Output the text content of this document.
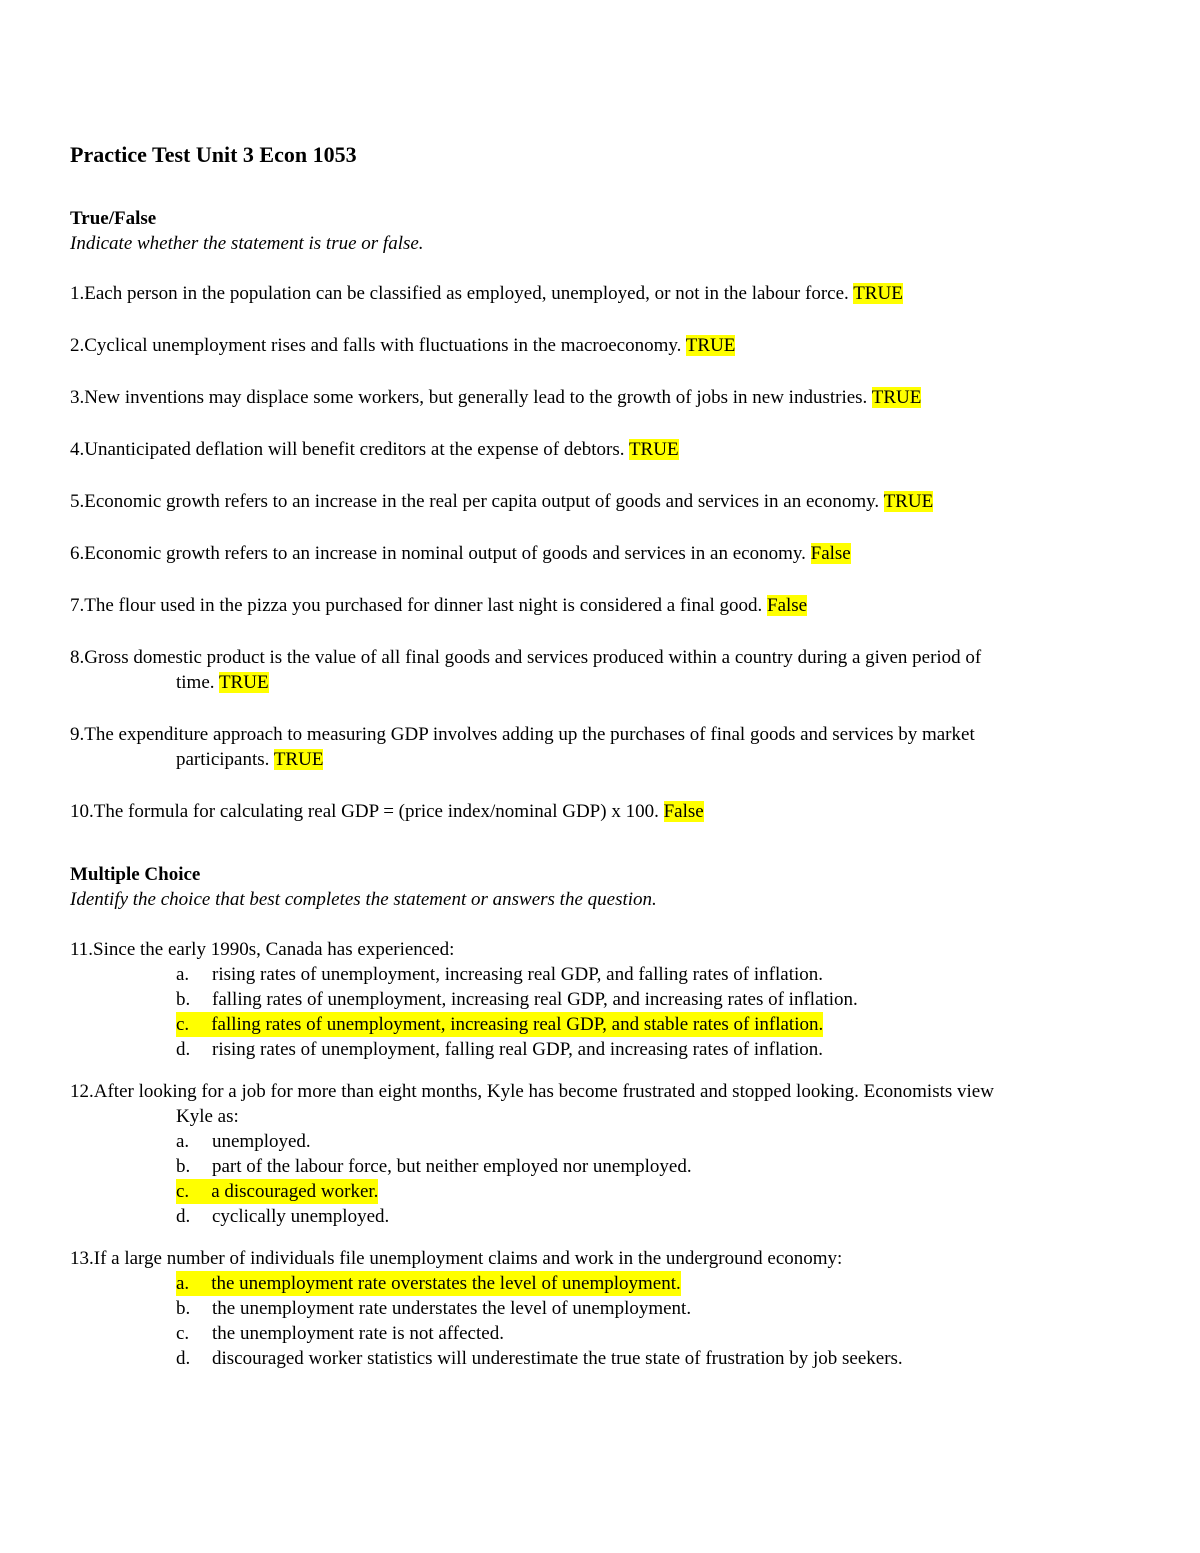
Practice Test Unit 3 Econ 1053
True/False
Indicate whether the statement is true or false.
1.Each person in the population can be classified as employed, unemployed, or not in the labour force. TRUE
2.Cyclical unemployment rises and falls with fluctuations in the macroeconomy. TRUE
3.New inventions may displace some workers, but generally lead to the growth of jobs in new industries. TRUE
4.Unanticipated deflation will benefit creditors at the expense of debtors. TRUE
5.Economic growth refers to an increase in the real per capita output of goods and services in an economy. TRUE
6.Economic growth refers to an increase in nominal output of goods and services in an economy. False
7.The flour used in the pizza you purchased for dinner last night is considered a final good. False
8.Gross domestic product is the value of all final goods and services produced within a country during a given period of
time. TRUE
9.The expenditure approach to measuring GDP involves adding up the purchases of final goods and services by market
participants. TRUE
10.The formula for calculating real GDP = (price index/nominal GDP) x 100. False
Multiple Choice
Identify the choice that best completes the statement or answers the question.
11.Since the early 1990s, Canada has experienced:
a.	rising rates of unemployment, increasing real GDP, and falling rates of inflation.
b.	falling rates of unemployment, increasing real GDP, and increasing rates of inflation.
c.	falling rates of unemployment, increasing real GDP, and stable rates of inflation.
d.	rising rates of unemployment, falling real GDP, and increasing rates of inflation.
12.After looking for a job for more than eight months, Kyle has become frustrated and stopped looking. Economists view
Kyle as:
a.	unemployed.
b.	part of the labour force, but neither employed nor unemployed.
c.	a discouraged worker.
d.	cyclically unemployed.
13.If a large number of individuals file unemployment claims and work in the underground economy:
a.	the unemployment rate overstates the level of unemployment.
b.	the unemployment rate understates the level of unemployment.
c.	the unemployment rate is not affected.
d.	discouraged worker statistics will underestimate the true state of frustration by job seekers.
